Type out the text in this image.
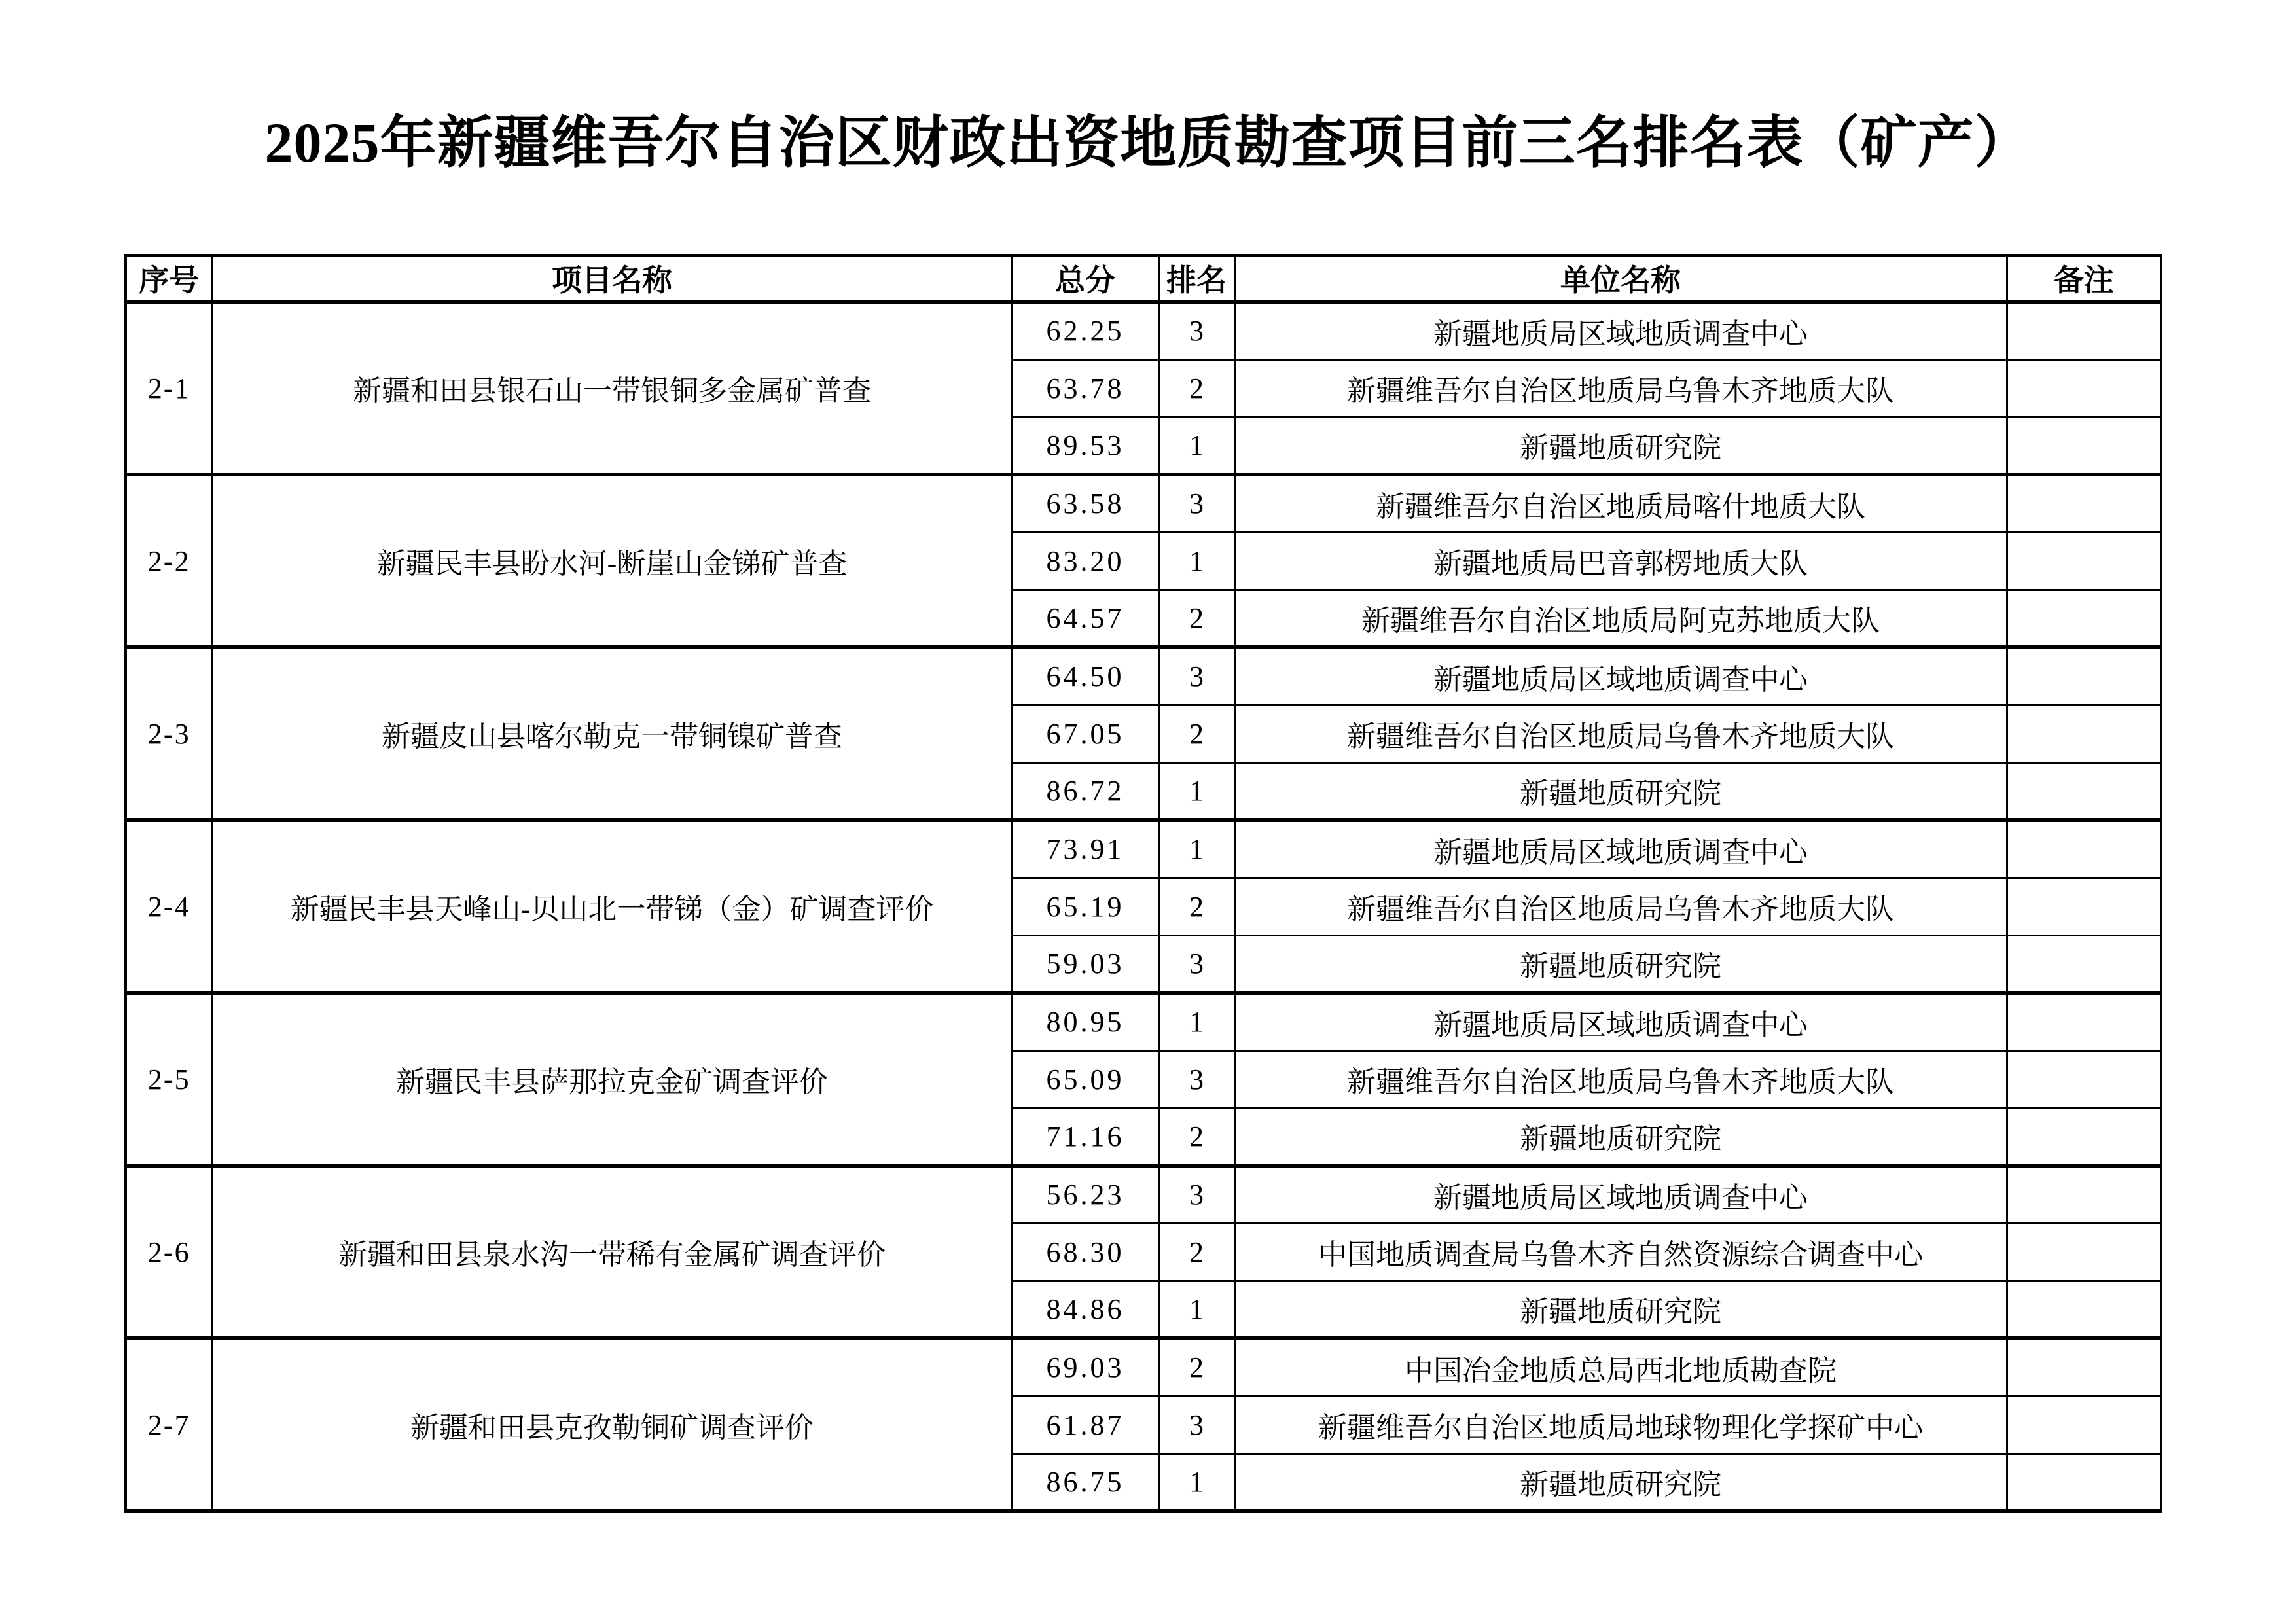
2025年新疆维吾尔自治区财政出资地质勘查项目前三名排名表（矿产）
序号	项目名称	总分	排名	单位名称	备注
2-1	新疆和田县银石山一带银铜多金属矿普查	62.25	3	新疆地质局区域地质调查中心	
		63.78	2	新疆维吾尔自治区地质局乌鲁木齐地质大队	
		89.53	1	新疆地质研究院	
2-2	新疆民丰县盼水河-断崖山金锑矿普查	63.58	3	新疆维吾尔自治区地质局喀什地质大队	
		83.20	1	新疆地质局巴音郭楞地质大队	
		64.57	2	新疆维吾尔自治区地质局阿克苏地质大队	
2-3	新疆皮山县喀尔勒克一带铜镍矿普查	64.50	3	新疆地质局区域地质调查中心	
		67.05	2	新疆维吾尔自治区地质局乌鲁木齐地质大队	
		86.72	1	新疆地质研究院	
2-4	新疆民丰县天峰山-贝山北一带锑（金）矿调查评价	73.91	1	新疆地质局区域地质调查中心	
		65.19	2	新疆维吾尔自治区地质局乌鲁木齐地质大队	
		59.03	3	新疆地质研究院	
2-5	新疆民丰县萨那拉克金矿调查评价	80.95	1	新疆地质局区域地质调查中心	
		65.09	3	新疆维吾尔自治区地质局乌鲁木齐地质大队	
		71.16	2	新疆地质研究院	
2-6	新疆和田县泉水沟一带稀有金属矿调查评价	56.23	3	新疆地质局区域地质调查中心	
		68.30	2	中国地质调查局乌鲁木齐自然资源综合调查中心	
		84.86	1	新疆地质研究院	
2-7	新疆和田县克孜勒铜矿调查评价	69.03	2	中国冶金地质总局西北地质勘查院	
		61.87	3	新疆维吾尔自治区地质局地球物理化学探矿中心	
		86.75	1	新疆地质研究院	
